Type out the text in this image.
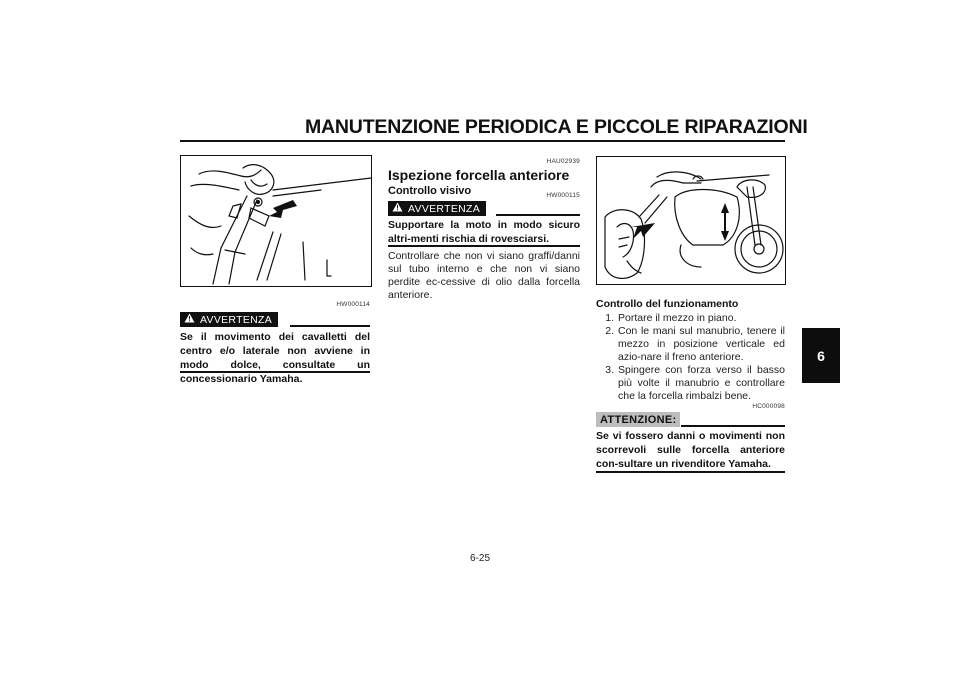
MANUTENZIONE PERIODICA E PICCOLE RIPARAZIONI
6
HW000114
AVVERTENZA
Se il movimento dei cavalletti del centro e/o laterale non avviene in modo dolce, consultate un concessionario Yamaha.
HAU02939
Ispezione forcella anteriore
Controllo visivo	HW000115
AVVERTENZA
Supportare la moto in modo sicuro altri-menti rischia di rovesciarsi.
Controllare che non vi siano graffi/danni sul tubo interno e che non vi siano perdite ec-cessive di olio dalla forcella anteriore.
Controllo del funzionamento
1. Portare il mezzo in piano.
2. Con le mani sul manubrio, tenere il mezzo in posizione verticale ed azio-nare il freno anteriore.
3. Spingere con forza verso il basso più volte il manubrio e controllare che la forcella rimbalzi bene.
HC000098
ATTENZIONE:
Se vi fossero danni o movimenti non scorrevoli sulle forcella anteriore con-sultare un rivenditore Yamaha.
6-25
